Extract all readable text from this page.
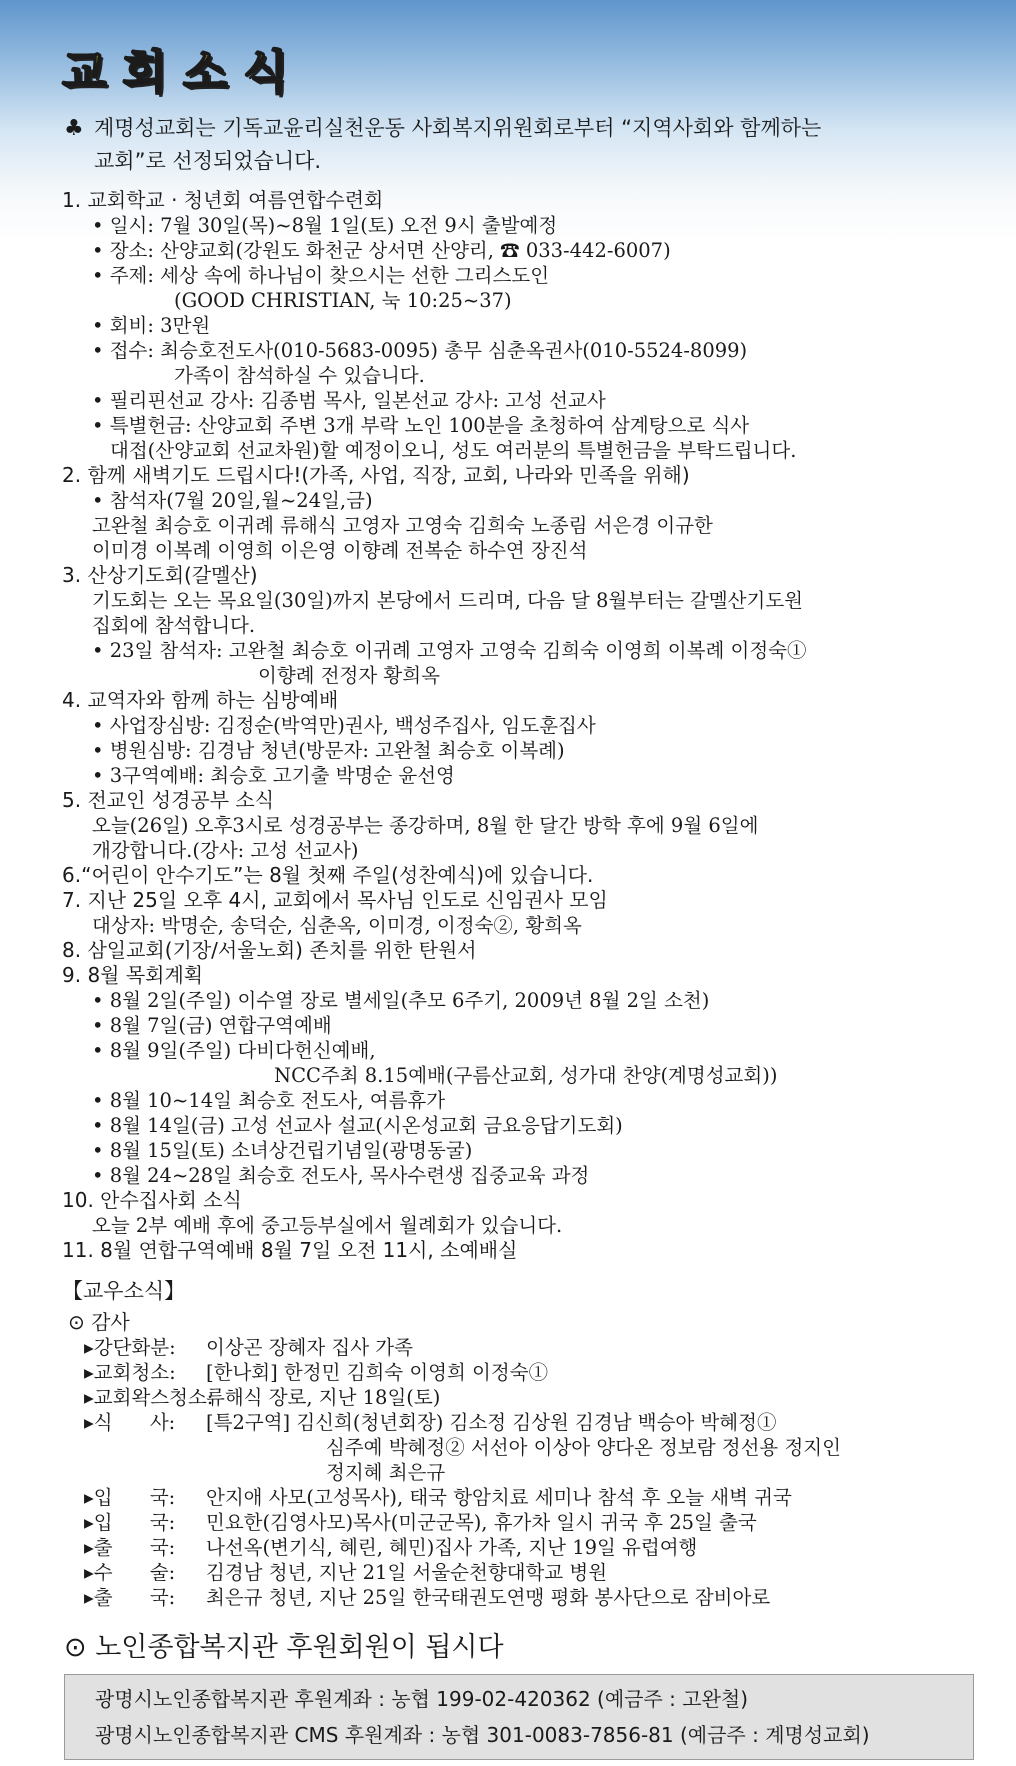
교회소식
♣ 계명성교회는 기독교윤리실천운동 사회복지위원회로부터 “지역사회와 함께하는
교회”로 선정되었습니다.
1. 교회학교 · 청년회 여름연합수련회
• 일시: 7월 30일(목)~8월 1일(토) 오전 9시 출발예정
• 장소: 산양교회(강원도 화천군 상서면 산양리, ☎ 033-442-6007)
• 주제: 세상 속에 하나님이 찾으시는 선한 그리스도인
(GOOD CHRISTIAN, 눅 10:25~37)
• 회비: 3만원
• 접수: 최승호전도사(010-5683-0095) 총무 심춘옥권사(010-5524-8099)
가족이 참석하실 수 있습니다.
• 필리핀선교 강사: 김종범 목사, 일본선교 강사: 고성 선교사
• 특별헌금: 산양교회 주변 3개 부락 노인 100분을 초청하여 삼계탕으로 식사
대접(산양교회 선교차원)할 예정이오니, 성도 여러분의 특별헌금을 부탁드립니다.
2. 함께 새벽기도 드립시다!(가족, 사업, 직장, 교회, 나라와 민족을 위해)
• 참석자(7월 20일,월~24일,금)
고완철 최승호 이귀례 류해식 고영자 고영숙 김희숙 노종림 서은경 이규한
이미경 이복례 이영희 이은영 이향례 전복순 하수연 장진석
3. 산상기도회(갈멜산)
기도회는 오는 목요일(30일)까지 본당에서 드리며, 다음 달 8월부터는 갈멜산기도원
집회에 참석합니다.
• 23일 참석자: 고완철 최승호 이귀례 고영자 고영숙 김희숙 이영희 이복례 이정숙①
이향례 전정자 황희옥
4. 교역자와 함께 하는 심방예배
• 사업장심방: 김정순(박역만)권사, 백성주집사, 임도훈집사
• 병원심방: 김경남 청년(방문자: 고완철 최승호 이복례)
• 3구역예배: 최승호 고기출 박명순 윤선영
5. 전교인 성경공부 소식
오늘(26일) 오후3시로 성경공부는 종강하며, 8월 한 달간 방학 후에 9월 6일에
개강합니다.(강사: 고성 선교사)
6.“어린이 안수기도”는 8월 첫째 주일(성찬예식)에 있습니다.
7. 지난 25일 오후 4시, 교회에서 목사님 인도로 신임권사 모임
대상자: 박명순, 송덕순, 심춘옥, 이미경, 이정숙②, 황희옥
8. 삼일교회(기장/서울노회) 존치를 위한 탄원서
9. 8월 목회계획
• 8월 2일(주일) 이수열 장로 별세일(추모 6주기, 2009년 8월 2일 소천)
• 8월 7일(금) 연합구역예배
• 8월 9일(주일) 다비다헌신예배,
NCC주최 8.15예배(구름산교회, 성가대 찬양(계명성교회))
• 8월 10~14일 최승호 전도사, 여름휴가
• 8월 14일(금) 고성 선교사 설교(시온성교회 금요응답기도회)
• 8월 15일(토) 소녀상건립기념일(광명동굴)
• 8월 24~28일 최승호 전도사, 목사수련생 집중교육 과정
10. 안수집사회 소식
오늘 2부 예배 후에 중고등부실에서 월례회가 있습니다.
11. 8월 연합구역예배 8월 7일 오전 11시, 소예배실
【교우소식】
⊙ 감사
▸강단화분:	이상곤 장혜자 집사 가족
▸교회청소:	[한나회] 한정민 김희숙 이영희 이정숙①
▸교회왁스청소:
류해식 장로, 지난 18일(토)
▸식      사:	[특2구역] 김신희(청년회장) 김소정 김상원 김경남 백승아 박혜정①
심주예 박혜정② 서선아 이상아 양다온 정보람 정선용 정지인
정지혜 최은규
▸입      국:	안지애 사모(고성목사), 태국 항암치료 세미나 참석 후 오늘 새벽 귀국
▸입      국:	민요한(김영사모)목사(미군군목), 휴가차 일시 귀국 후 25일 출국
▸출      국:	나선옥(변기식, 혜린, 혜민)집사 가족, 지난 19일 유럽여행
▸수      술:	김경남 청년, 지난 21일 서울순천향대학교 병원
▸출      국:	최은규 청년, 지난 25일 한국태권도연맹 평화 봉사단으로 잠비아로
⊙ 노인종합복지관 후원회원이 됩시다
광명시노인종합복지관 후원계좌 : 농협 199-02-420362 (예금주 : 고완철)
광명시노인종합복지관 CMS 후원계좌 : 농협 301-0083-7856-81 (예금주 : 계명성교회)
